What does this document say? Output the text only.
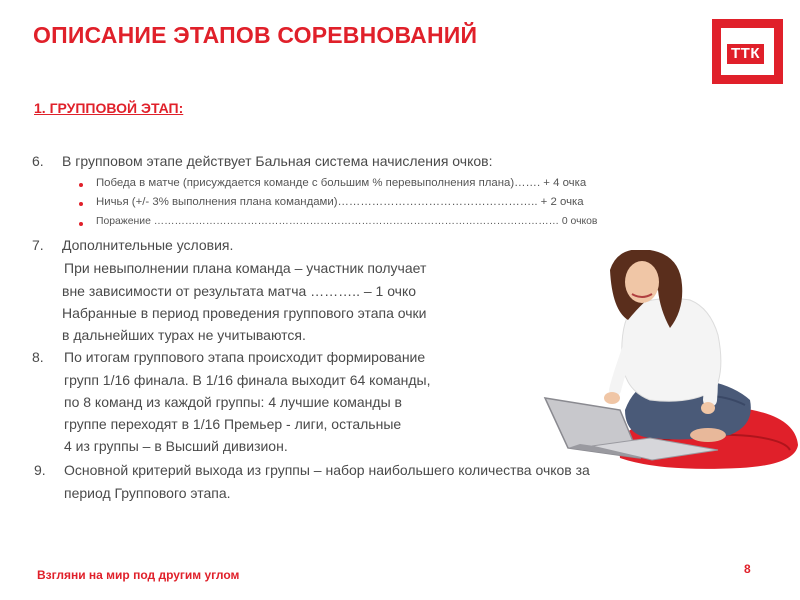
ОПИСАНИЕ ЭТАПОВ СОРЕВНОВАНИЙ
ТТК
1. ГРУППОВОЙ ЭТАП:
6. В групповом этапе действует Бальная система начисления очков:
Победа в матче (присуждается команде с большим % перевыполнения плана)……. + 4 очка
Ничья (+/- 3% выполнения плана командами)…………………………………………….. + 2 очка
Поражение ……………………………………………………………………………………………………… 0 очков
7. Дополнительные условия.
При невыполнении плана команда – участник получает
вне зависимости от результата матча ……….. – 1 очко
Набранные в период проведения группового этапа очки
в дальнейших турах не учитываются.
8. По итогам группового этапа происходит формирование
групп 1/16 финала. В 1/16 финала выходит 64 команды,
по 8 команд из каждой группы: 4 лучшие команды в
группе переходят в 1/16 Премьер - лиги, остальные
4 из группы – в Высший дивизион.
9. Основной критерий выхода из группы – набор наибольшего количества очков за
период Группового этапа.
Взгляни на мир под другим углом	8
